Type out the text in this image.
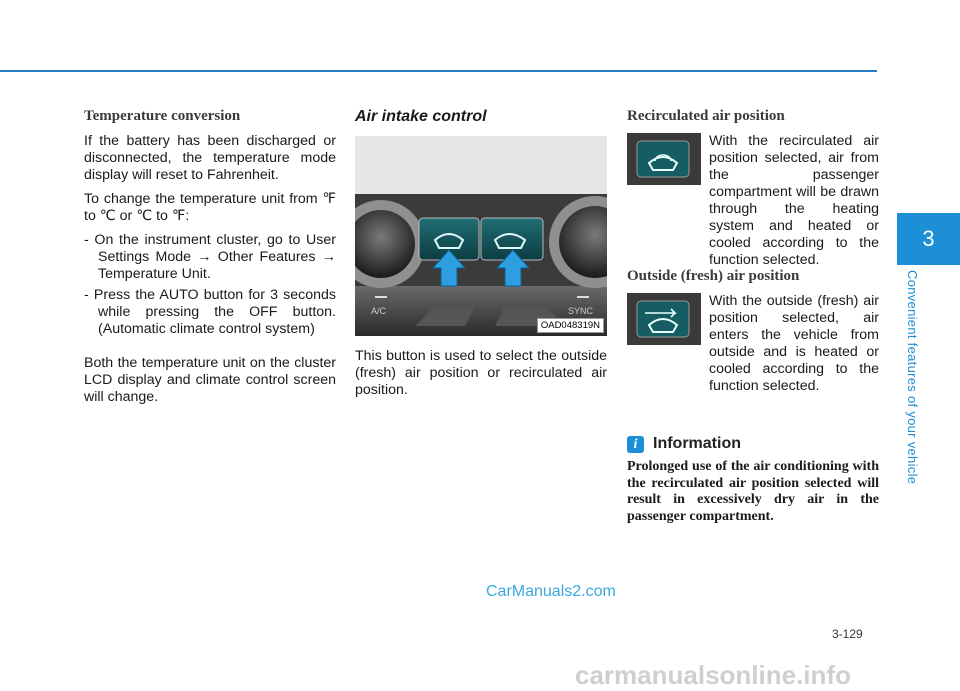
3
Convenient features of your vehicle
Temperature conversion

If the battery has been discharged or disconnected, the temperature mode display will reset to Fahrenheit.

To change the temperature unit from ℉ to ℃ or ℃ to ℉:

- On the instrument cluster, go to User Settings Mode → Other Features → Temperature Unit.
- Press the AUTO button for 3 seconds while pressing the OFF button. (Automatic climate control system)

Both the temperature unit on the cluster LCD display and climate control screen will change.

Air intake control
A/C	SYNC
OAD048319N

This button is used to select the outside (fresh) air position or recirculated air position.

Recirculated air position
With the recirculated air position selected, air from the passenger compartment will be drawn through the heating system and heated or cooled according to the function selected.
Outside (fresh) air position
With the outside (fresh) air position selected, air enters the vehicle from outside and is heated or cooled according to the function selected.
i Information

Prolonged use of the air conditioning with the recirculated air position selected will result in excessively dry air in the passenger compartment.

CarManuals2.com
3-129
carmanualsonline.info
